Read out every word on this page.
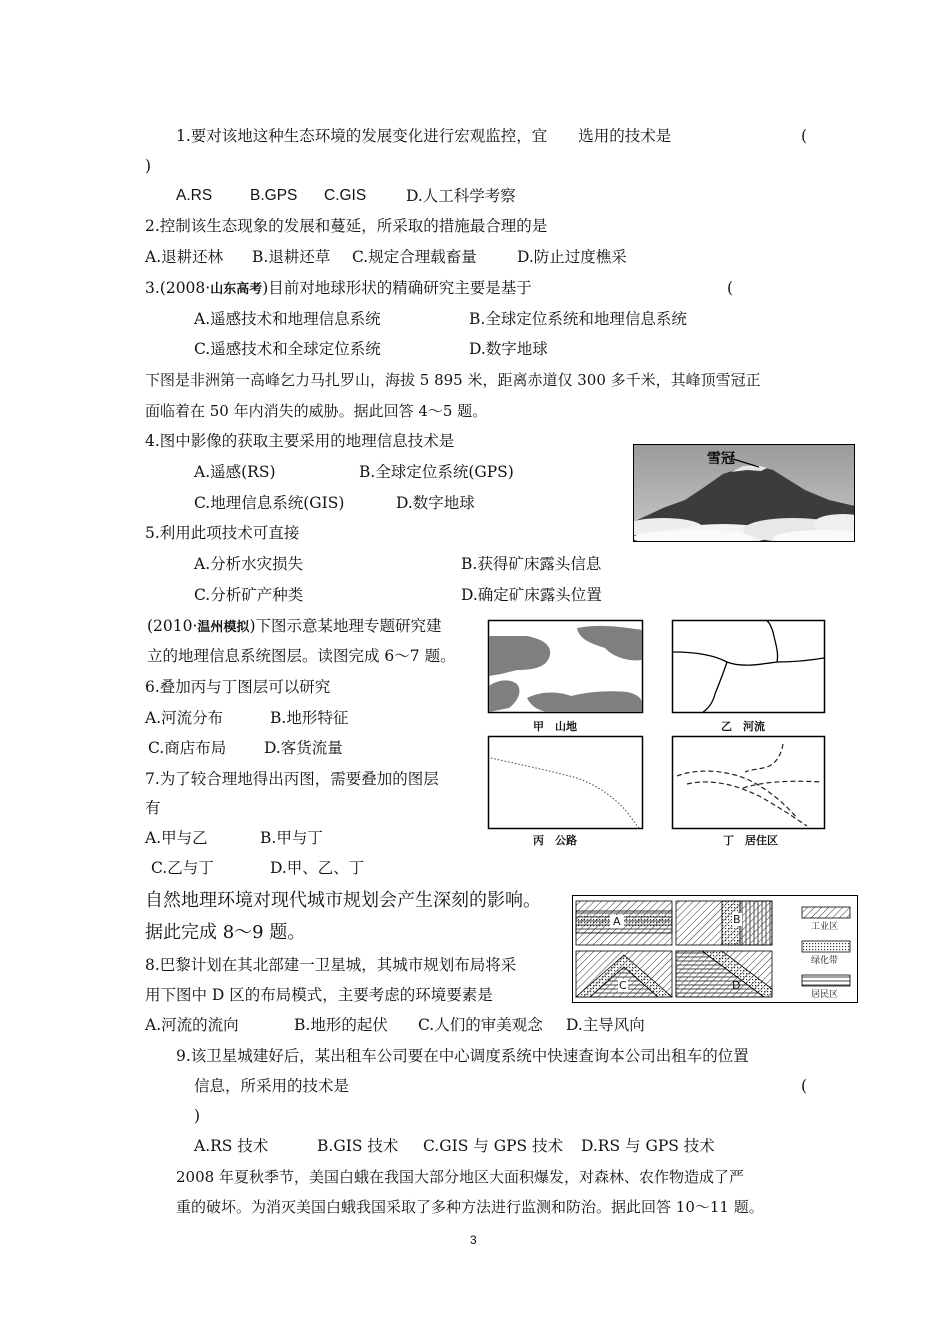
1.要对该地这种生态环境的发展变化进行宏观监控，宜　　选用的技术是	(
)
A.RS B.GPS C.GIS	D.人工科学考察
2.控制该生态现象的发展和蔓延，所采取的措施最合理的是
A.退耕还林 B.退耕还草 C.规定合理载畜量	D.防止过度樵采
3.(2008·山东高考)目前对地球形状的精确研究主要是基于	(
A.遥感技术和地理信息系统	B.全球定位系统和地理信息系统
C.遥感技术和全球定位系统	D.数字地球
下图是非洲第一高峰乞力马扎罗山，海拔 5 895 米，距离赤道仅 300 多千米，其峰顶雪冠正
面临着在 50 年内消失的威胁。据此回答 4～5 题。
4.图中影像的获取主要采用的地理信息技术是
A.遥感(RS)	B.全球定位系统(GPS)
C.地理信息系统(GIS)	D.数字地球
雪冠
5.利用此项技术可直接
A.分析水灾损失	B.获得矿床露头信息
C.分析矿产种类	D.确定矿床露头位置
(2010·温州模拟)下图示意某地理专题研究建
立的地理信息系统图层。读图完成 6～7 题。
甲　山地	乙　河流
丙　公路	丁　居住区
6.叠加丙与丁图层可以研究
A.河流分布	B.地形特征
C.商店布局 D.客货流量
7.为了较合理地得出丙图，需要叠加的图层
有
A.甲与乙	B.甲与丁
C.乙与丁	D.甲、乙、丁
自然地理环境对现代城市规划会产生深刻的影响。
据此完成 8～9 题。
A	B
C	D
工业区
绿化带
居民区
8.巴黎计划在其北部建一卫星城，其城市规划布局将采
用下图中 D 区的布局模式，主要考虑的环境要素是
A.河流的流向	B.地形的起伏 C.人们的审美观念 D.主导风向
9.该卫星城建好后，某出租车公司要在中心调度系统中快速查询本公司出租车的位置
信息，所采用的技术是	(
)
A.RS 技术	B.GIS 技术 C.GIS 与 GPS 技术 D.RS 与 GPS 技术
2008 年夏秋季节，美国白蛾在我国大部分地区大面积爆发，对森林、农作物造成了严
重的破坏。为消灭美国白蛾我国采取了多种方法进行监测和防治。据此回答 10～11 题。
3
